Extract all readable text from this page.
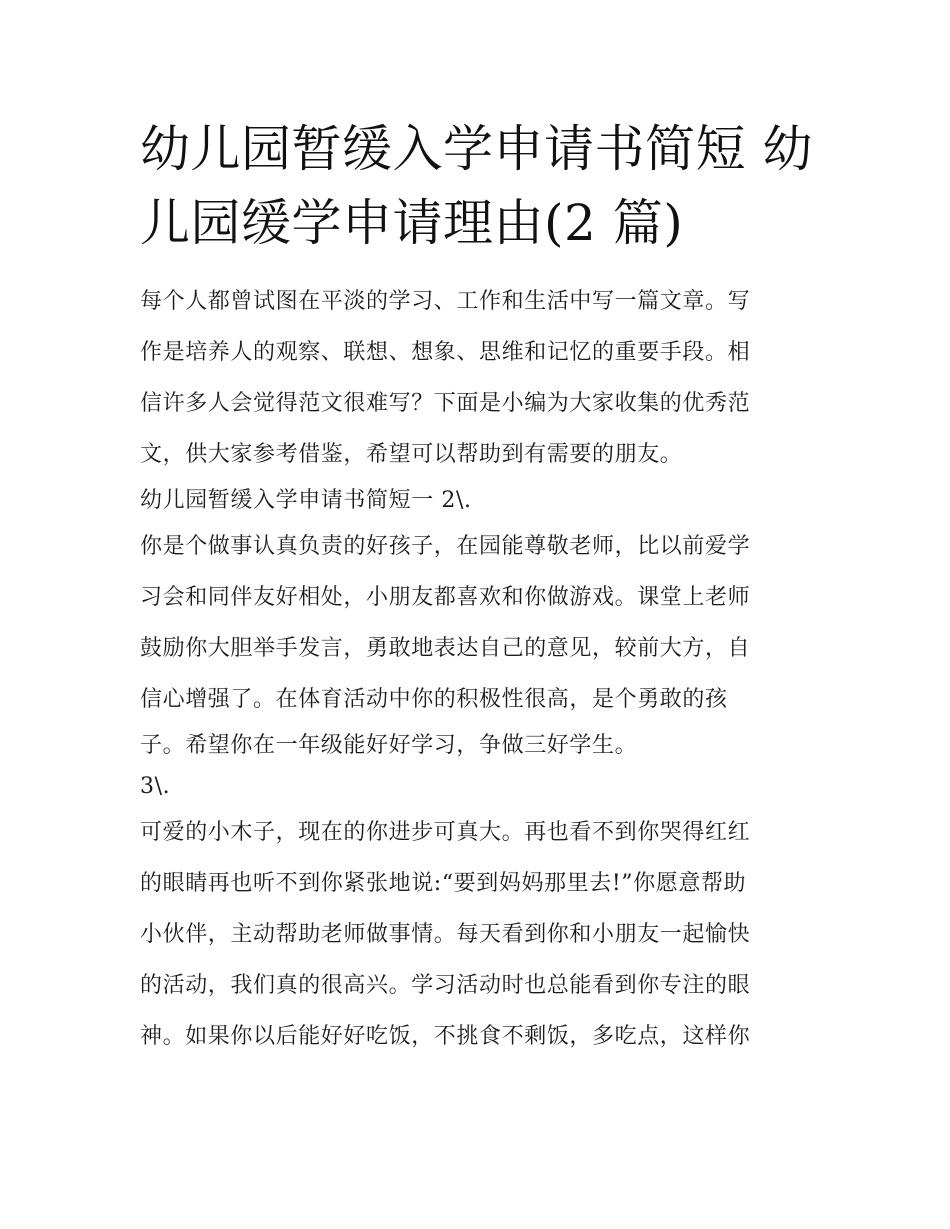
幼儿园暂缓入学申请书简短 幼
儿园缓学申请理由(2 篇)
每个人都曾试图在平淡的学习、工作和生活中写一篇文章。写
作是培养人的观察、联想、想象、思维和记忆的重要手段。相
信许多人会觉得范文很难写？下面是小编为大家收集的优秀范
文，供大家参考借鉴，希望可以帮助到有需要的朋友。
幼儿园暂缓入学申请书简短一 2\.
你是个做事认真负责的好孩子，在园能尊敬老师，比以前爱学
习会和同伴友好相处，小朋友都喜欢和你做游戏。课堂上老师
鼓励你大胆举手发言，勇敢地表达自己的意见，较前大方，自
信心增强了。在体育活动中你的积极性很高，是个勇敢的孩
子。希望你在一年级能好好学习，争做三好学生。
3\.
可爱的小木子，现在的你进步可真大。再也看不到你哭得红红
的眼睛再也听不到你紧张地说:“要到妈妈那里去!”你愿意帮助
小伙伴，主动帮助老师做事情。每天看到你和小朋友一起愉快
的活动，我们真的很高兴。学习活动时也总能看到你专注的眼
神。如果你以后能好好吃饭，不挑食不剩饭，多吃点，这样你
